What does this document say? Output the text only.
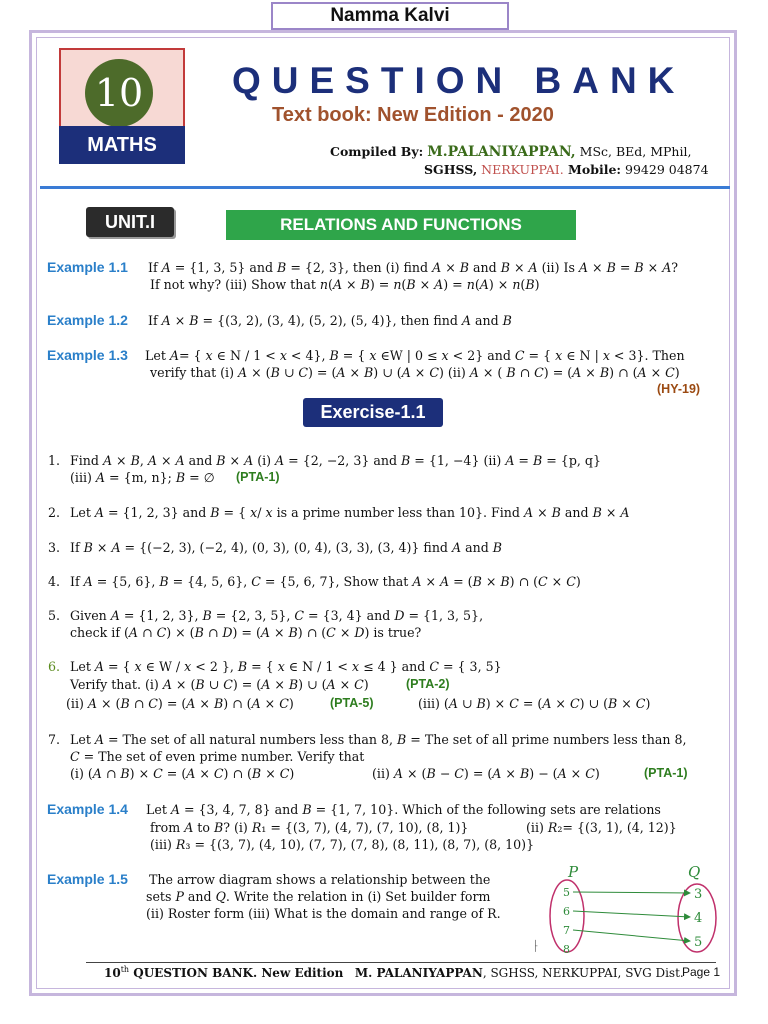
Namma Kalvi
10
MATHS
QUESTION BANK
Text book: New Edition - 2020
Compiled By: M.PALANIYAPPAN, MSc, BEd, MPhil,
SGHSS, NERKUPPAI. Mobile: 99429 04874
UNIT.I	RELATIONS AND FUNCTIONS
Example 1.1 If 𝐴 = {1, 3, 5} and 𝐵 = {2, 3}, then (i) find 𝐴 × 𝐵 and 𝐵 × 𝐴 (ii) Is 𝐴 × 𝐵 = 𝐵 × 𝐴?
If not why? (iii) Show that 𝑛(𝐴 × 𝐵) = 𝑛(𝐵 × 𝐴) = 𝑛(𝐴) × 𝑛(𝐵)
Example 1.2 If 𝐴 × 𝐵 = {(3, 2), (3, 4), (5, 2), (5, 4)}, then find 𝐴 and 𝐵
Example 1.3 Let 𝐴= { 𝑥 ∈ N / 1 < 𝑥 < 4}, 𝐵 = { 𝑥 ∈W | 0 ≤ 𝑥 < 2} and 𝐶 = { 𝑥 ∈ N | 𝑥 < 3}. Then
verify that (i) 𝐴 × (𝐵 ∪ 𝐶) = (𝐴 × 𝐵) ∪ (𝐴 × 𝐶) (ii) 𝐴 × ( 𝐵 ∩ 𝐶) = (𝐴 × 𝐵) ∩ (𝐴 × 𝐶)
(HY-19)
Exercise-1.1
1. Find 𝐴 × 𝐵, 𝐴 × 𝐴 and 𝐵 × 𝐴 (i) 𝐴 = {2, −2, 3} and 𝐵 = {1, −4} (ii) 𝐴 = 𝐵 = {p, q}
(iii) 𝐴 = {m, n}; 𝐵 = ∅ (PTA-1)
2. Let 𝐴 = {1, 2, 3} and 𝐵 = { 𝑥/ 𝑥 is a prime number less than 10}. Find 𝐴 × 𝐵 and 𝐵 × 𝐴
3. If 𝐵 × 𝐴 = {(−2, 3), (−2, 4), (0, 3), (0, 4), (3, 3), (3, 4)} find 𝐴 and 𝐵
4. If 𝐴 = {5, 6}, 𝐵 = {4, 5, 6}, 𝐶 = {5, 6, 7}, Show that 𝐴 × 𝐴 = (𝐵 × 𝐵) ∩ (𝐶 × 𝐶)
5. Given 𝐴 = {1, 2, 3}, 𝐵 = {2, 3, 5}, 𝐶 = {3, 4} and 𝐷 = {1, 3, 5},
check if (𝐴 ∩ 𝐶) × (𝐵 ∩ 𝐷) = (𝐴 × 𝐵) ∩ (𝐶 × 𝐷) is true?
6. Let 𝐴 = { 𝑥 ∈ W / 𝑥 < 2 }, 𝐵 = { 𝑥 ∈ N / 1 < 𝑥 ≤ 4 } and 𝐶 = { 3, 5}
Verify that. (i) 𝐴 × (𝐵 ∪ 𝐶) = (𝐴 × 𝐵) ∪ (𝐴 × 𝐶)	(PTA-2)
(ii) 𝐴 × (𝐵 ∩ 𝐶) = (𝐴 × 𝐵) ∩ (𝐴 × 𝐶)	(PTA-5)	(iii) (𝐴 ∪ 𝐵) × 𝐶 = (𝐴 × 𝐶) ∪ (𝐵 × 𝐶)
7. Let 𝐴 = The set of all natural numbers less than 8, 𝐵 = The set of all prime numbers less than 8,
𝐶 = The set of even prime number. Verify that
(i) (𝐴 ∩ 𝐵) × 𝐶 = (𝐴 × 𝐶) ∩ (𝐵 × 𝐶)	(ii) 𝐴 × (𝐵 − 𝐶) = (𝐴 × 𝐵) − (𝐴 × 𝐶)	(PTA-1)
Example 1.4 Let 𝐴 = {3, 4, 7, 8} and 𝐵 = {1, 7, 10}. Which of the following sets are relations
from 𝐴 to 𝐵? (i) 𝑅₁ = {(3, 7), (4, 7), (7, 10), (8, 1)}	(ii) 𝑅₂= {(3, 1), (4, 12)}
(iii) 𝑅₃ = {(3, 7), (4, 10), (7, 7), (7, 8), (8, 11), (8, 7), (8, 10)}
Example 1.5 The arrow diagram shows a relationship between the
sets 𝑃 and 𝑄. Write the relation in (i) Set builder form
(ii) Roster form (iii) What is the domain and range of R.
P	Q
5
6
7
8
3
4
5
⸠
10th QUESTION BANK. New Edition M. PALANIYAPPAN, SGHSS, NERKUPPAI, SVG Dist.
Page 1
